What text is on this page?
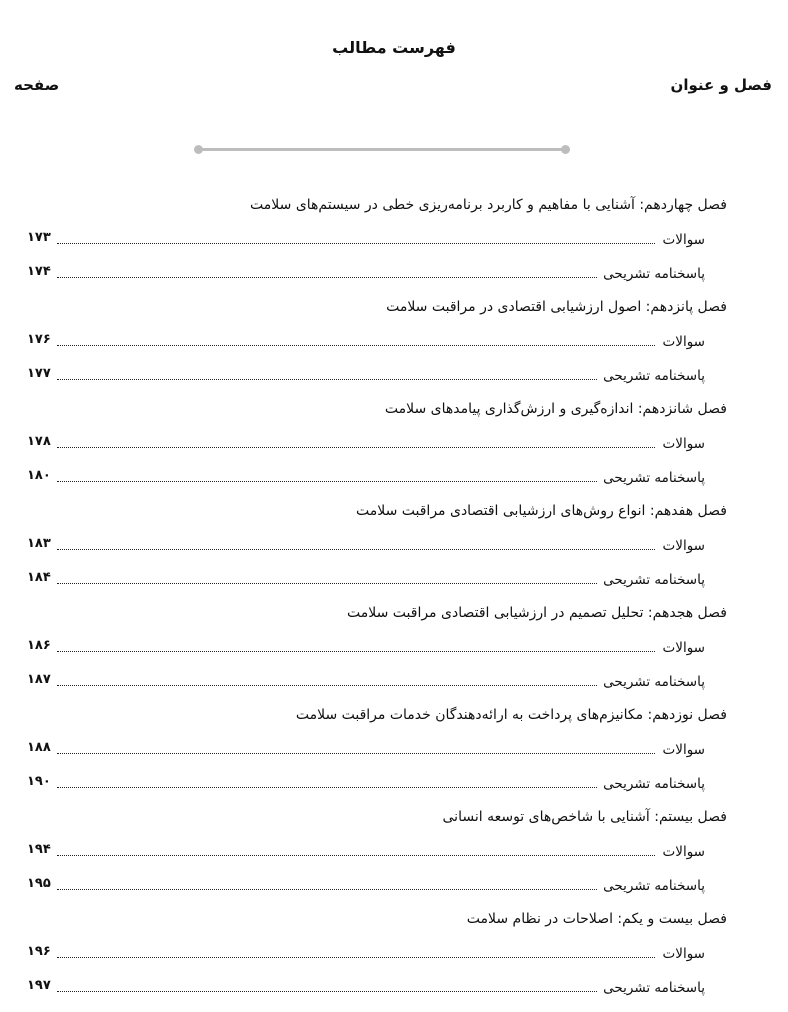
فهرست مطالب
فصل و عنوان
صفحه
فصل چهاردهم: آشنایی با مفاهیم و کاربرد برنامه‌ریزی خطی در سیستم‌های سلامت
سوالات
۱۷۳
پاسخنامه تشریحی
۱۷۴
فصل پانزدهم: اصول ارزشیابی اقتصادی در مراقبت سلامت
سوالات
۱۷۶
پاسخنامه تشریحی
۱۷۷
فصل شانزدهم: اندازه‌گیری و ارزش‌گذاری پیامدهای سلامت
سوالات
۱۷۸
پاسخنامه تشریحی
۱۸۰
فصل هفدهم: انواع روش‌های ارزشیابی اقتصادی مراقبت سلامت
سوالات
۱۸۳
پاسخنامه تشریحی
۱۸۴
فصل هجدهم: تحلیل تصمیم در ارزشیابی اقتصادی مراقبت سلامت
سوالات
۱۸۶
پاسخنامه تشریحی
۱۸۷
فصل نوزدهم: مکانیزم‌های پرداخت به ارائه‌دهندگان خدمات مراقبت سلامت
سوالات
۱۸۸
پاسخنامه تشریحی
۱۹۰
فصل بیستم: آشنایی با شاخص‌های توسعه انسانی
سوالات
۱۹۴
پاسخنامه تشریحی
۱۹۵
فصل بیست و یکم: اصلاحات در نظام سلامت
سوالات
۱۹۶
پاسخنامه تشریحی
۱۹۷
